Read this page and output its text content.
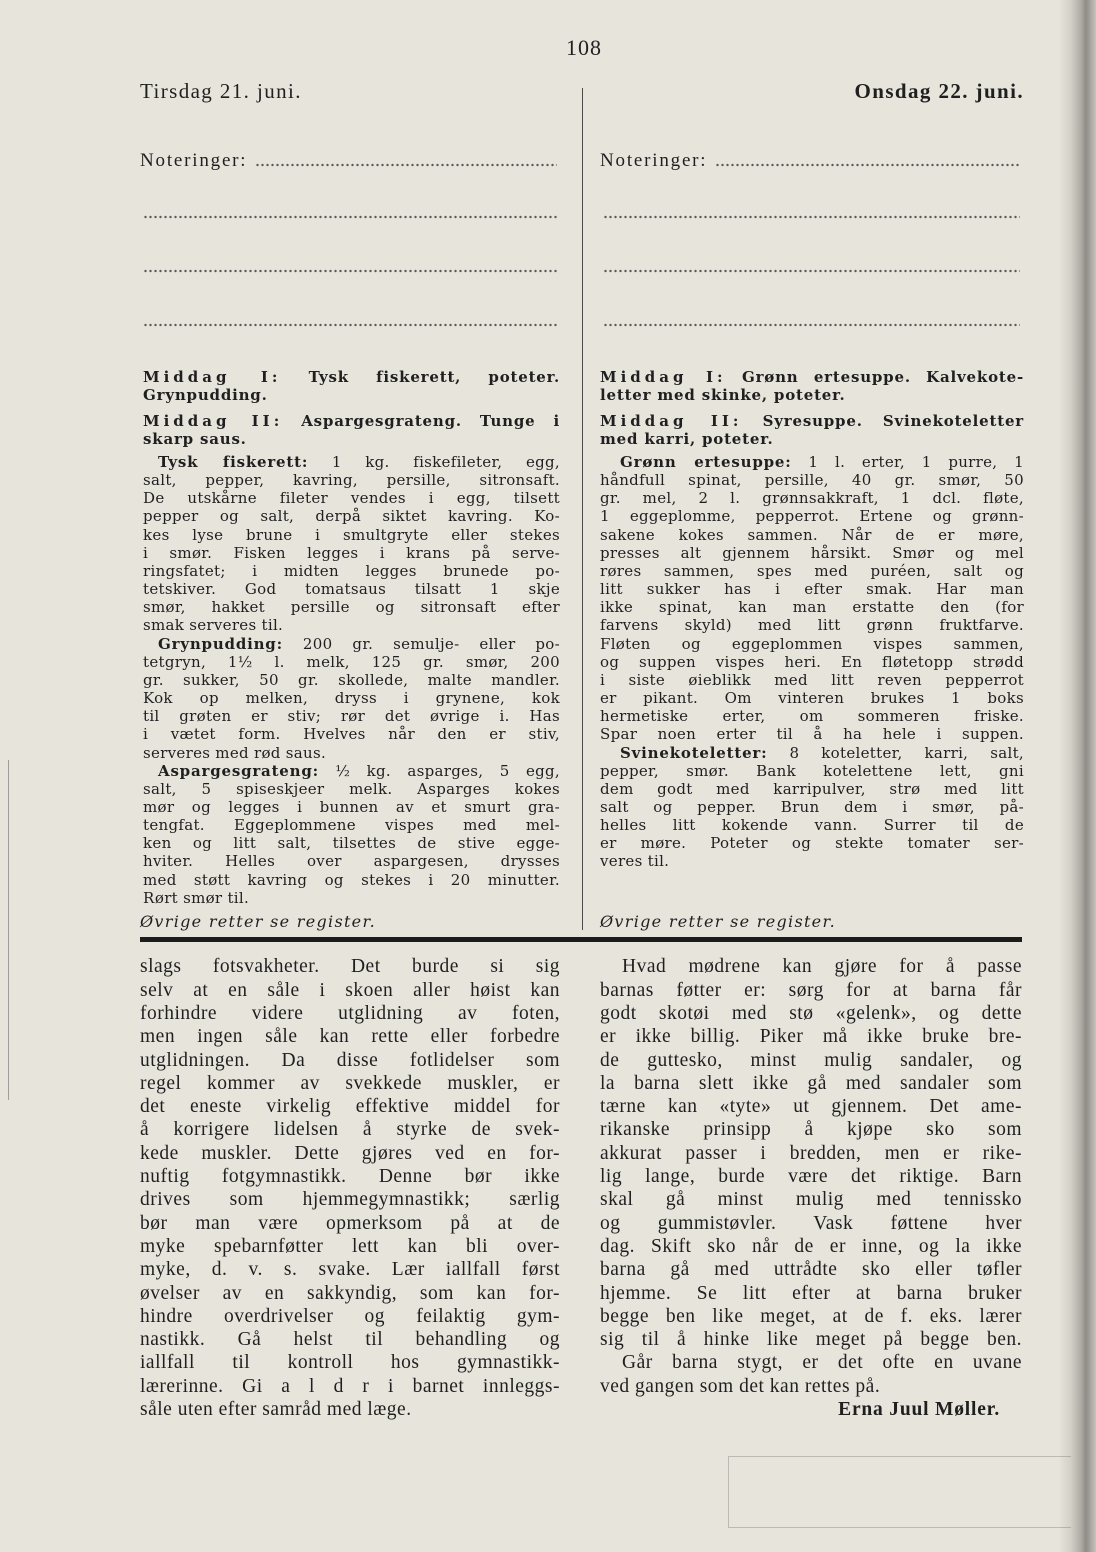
108
Tirsdag 21. juni.	Onsdag 22. juni.
Noteringer:	Noteringer:
Middag I: Tysk fiskerett, poteter.
Grynpudding.
Middag II: Aspargesgrateng. Tunge i
skarp saus.
Tysk fiskerett: 1 kg. fiskefileter, egg,
salt, pepper, kavring, persille, sitronsaft.
De utskårne fileter vendes i egg, tilsett
pepper og salt, derpå siktet kavring. Ko-
kes lyse brune i smultgryte eller stekes
i smør. Fisken legges i krans på serve-
ringsfatet; i midten legges brunede po-
tetskiver. God tomatsaus tilsatt 1 skje
smør, hakket persille og sitronsaft efter
smak serveres til.
Grynpudding: 200 gr. semulje- eller po-
tetgryn, 1½ l. melk, 125 gr. smør, 200
gr. sukker, 50 gr. skollede, malte mandler.
Kok op melken, dryss i grynene, kok
til grøten er stiv; rør det øvrige i. Has
i vætet form. Hvelves når den er stiv,
serveres med rød saus.
Aspargesgrateng: ½ kg. asparges, 5 egg,
salt, 5 spiseskjeer melk. Asparges kokes
mør og legges i bunnen av et smurt gra-
tengfat. Eggeplommene vispes med mel-
ken og litt salt, tilsettes de stive egge-
hviter. Helles over aspargesen, drysses
med støtt kavring og stekes i 20 minutter.
Rørt smør til.
Øvrige retter se register.
Middag I: Grønn ertesuppe. Kalvekote-
letter med skinke, poteter.
Middag II: Syresuppe. Svinekoteletter
med karri, poteter.
Grønn ertesuppe: 1 l. erter, 1 purre, 1
håndfull spinat, persille, 40 gr. smør, 50
gr. mel, 2 l. grønnsakkraft, 1 dcl. fløte,
1 eggeplomme, pepperrot. Ertene og grønn-
sakene kokes sammen. Når de er møre,
presses alt gjennem hårsikt. Smør og mel
røres sammen, spes med puréen, salt og
litt sukker has i efter smak. Har man
ikke spinat, kan man erstatte den (for
farvens skyld) med litt grønn fruktfarve.
Fløten og eggeplommen vispes sammen,
og suppen vispes heri. En fløtetopp strødd
i siste øieblikk med litt reven pepperrot
er pikant. Om vinteren brukes 1 boks
hermetiske erter, om sommeren friske.
Spar noen erter til å ha hele i suppen.
Svinekoteletter: 8 koteletter, karri, salt,
pepper, smør. Bank kotelettene lett, gni
dem godt med karripulver, strø med litt
salt og pepper. Brun dem i smør, på-
helles litt kokende vann. Surrer til de
er møre. Poteter og stekte tomater ser-
veres til.
Øvrige retter se register.
slags fotsvakheter. Det burde si sig
selv at en såle i skoen aller høist kan
forhindre videre utglidning av foten,
men ingen såle kan rette eller forbedre
utglidningen. Da disse fotlidelser som
regel kommer av svekkede muskler, er
det eneste virkelig effektive middel for
å korrigere lidelsen å styrke de svek-
kede muskler. Dette gjøres ved en for-
nuftig fotgymnastikk. Denne bør ikke
drives som hjemmegymnastikk; særlig
bør man være opmerksom på at de
myke spebarnføtter lett kan bli over-
myke, d. v. s. svake. Lær iallfall først
øvelser av en sakkyndig, som kan for-
hindre overdrivelser og feilaktig gym-
nastikk. Gå helst til behandling og
iallfall til kontroll hos gymnastikk-
lærerinne. Gi a l d r i barnet innleggs-
såle uten efter samråd med læge.
Hvad mødrene kan gjøre for å passe
barnas føtter er: sørg for at barna får
godt skotøi med stø «gelenk», og dette
er ikke billig. Piker må ikke bruke bre-
de guttesko, minst mulig sandaler, og
la barna slett ikke gå med sandaler som
tærne kan «tyte» ut gjennem. Det ame-
rikanske prinsipp å kjøpe sko som
akkurat passer i bredden, men er rike-
lig lange, burde være det riktige. Barn
skal gå minst mulig med tennissko
og gummistøvler. Vask føttene hver
dag. Skift sko når de er inne, og la ikke
barna gå med uttrådte sko eller tøfler
hjemme. Se litt efter at barna bruker
begge ben like meget, at de f. eks. lærer
sig til å hinke like meget på begge ben.
Går barna stygt, er det ofte en uvane
ved gangen som det kan rettes på.
Erna Juul Møller.
